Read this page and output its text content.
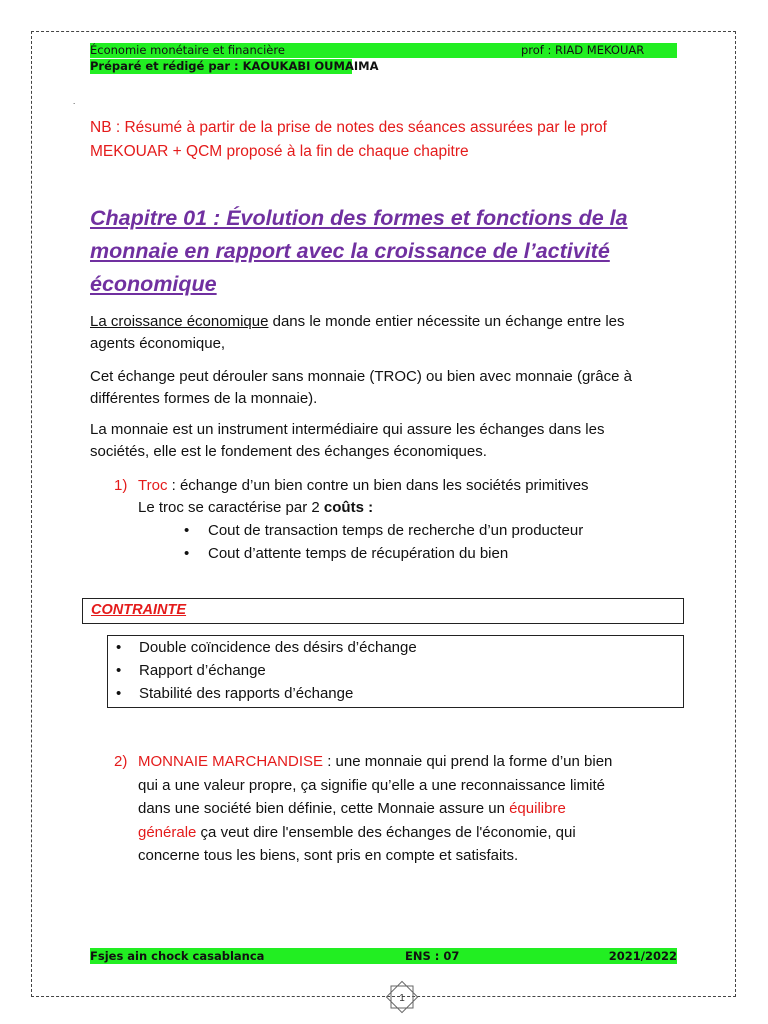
Économie monétaire et financière	prof : RIAD MEKOUAR
Préparé et rédigé par : KAOUKABI OUMAIMA
.
NB : Résumé à partir de la prise de notes des séances assurées par le prof
MEKOUAR + QCM proposé à la fin de chaque chapitre
Chapitre 01 : Évolution des formes et fonctions de la
monnaie en rapport avec la croissance de l’activité
économique
La croissance économique dans le monde entier nécessite un échange entre les
agents économique,
Cet échange peut dérouler sans monnaie (TROC) ou bien avec monnaie (grâce à
différentes formes de la monnaie).
La monnaie est un instrument intermédiaire qui assure les échanges dans les
sociétés, elle est le fondement des échanges économiques.
1) Troc : échange d’un bien contre un bien dans les sociétés primitives
Le troc se caractérise par 2 coûts :
• Cout de transaction temps de recherche d’un producteur
• Cout d’attente temps de récupération du bien
CONTRAINTE
• Double coïncidence des désirs d’échange
• Rapport d’échange
• Stabilité des rapports d’échange
2) MONNAIE MARCHANDISE : une monnaie qui prend la forme d’un bien
qui a une valeur propre, ça signifie qu’elle a une reconnaissance limité
dans une société bien définie, cette Monnaie assure un équilibre
générale ça veut dire l'ensemble des échanges de l'économie, qui
concerne tous les biens, sont pris en compte et satisfaits.
Fsjes ain chock casablanca	ENS : 07	2021/2022
1
